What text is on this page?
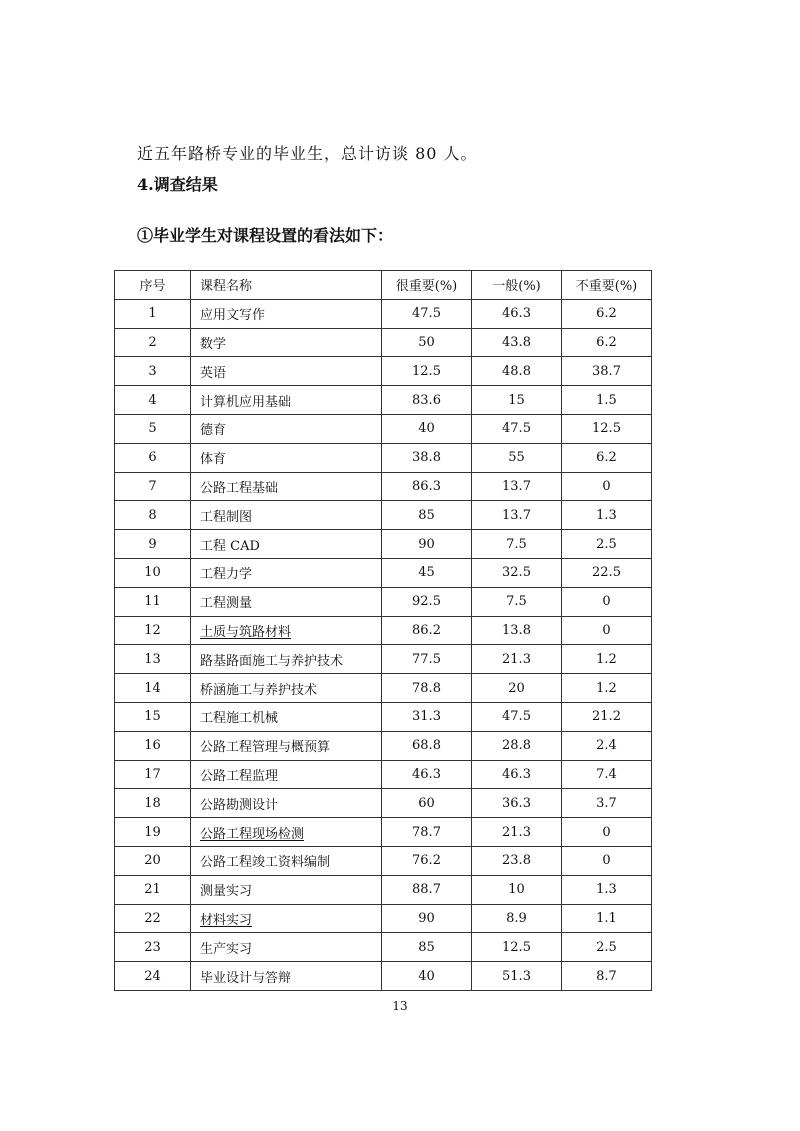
近五年路桥专业的毕业生，总计访谈 80 人。
4.调查结果
①毕业学生对课程设置的看法如下：
序号	课程名称	很重要(%)	一般(%)	不重要(%)
1	应用文写作	47.5	46.3	6.2
2	数学	50	43.8	6.2
3	英语	12.5	48.8	38.7
4	计算机应用基础	83.6	15	1.5
5	德育	40	47.5	12.5
6	体育	38.8	55	6.2
7	公路工程基础	86.3	13.7	0
8	工程制图	85	13.7	1.3
9	工程 CAD	90	7.5	2.5
10	工程力学	45	32.5	22.5
11	工程测量	92.5	7.5	0
12	土质与筑路材料	86.2	13.8	0
13	路基路面施工与养护技术	77.5	21.3	1.2
14	桥涵施工与养护技术	78.8	20	1.2
15	工程施工机械	31.3	47.5	21.2
16	公路工程管理与概预算	68.8	28.8	2.4
17	公路工程监理	46.3	46.3	7.4
18	公路勘测设计	60	36.3	3.7
19	公路工程现场检测	78.7	21.3	0
20	公路工程竣工资料编制	76.2	23.8	0
21	测量实习	88.7	10	1.3
22	材料实习	90	8.9	1.1
23	生产实习	85	12.5	2.5
24	毕业设计与答辩	40	51.3	8.7
13
